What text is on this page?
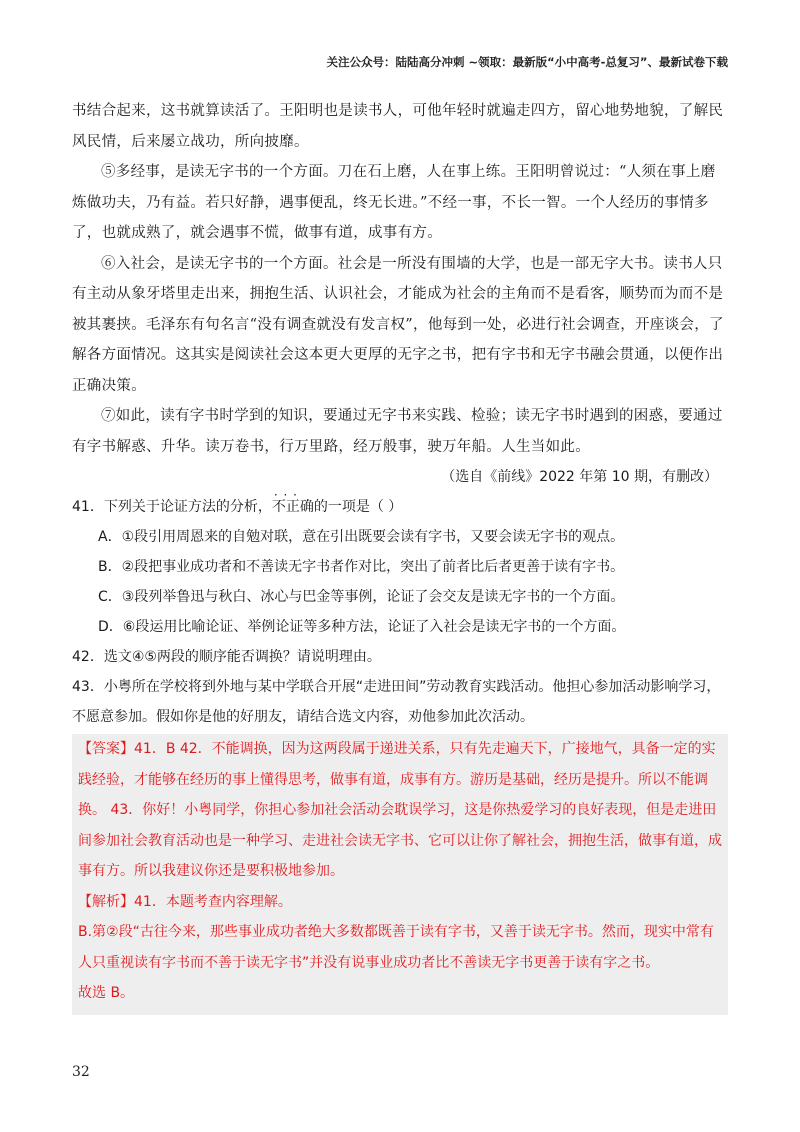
关注公众号：陆陆高分冲刺 ~领取：最新版“小中高考-总复习”、最新试卷下载

书结合起来，这书就算读活了。王阳明也是读书人，可他年轻时就遍走四方，留心地势地貌，了解民风民情，后来屡立战功，所向披靡。

⑤多经事，是读无字书的一个方面。刀在石上磨，人在事上练。王阳明曾说过：“人须在事上磨炼做功夫，乃有益。若只好静，遇事便乱，终无长进。”不经一事，不长一智。一个人经历的事情多了，也就成熟了，就会遇事不慌，做事有道，成事有方。

⑥入社会，是读无字书的一个方面。社会是一所没有围墙的大学，也是一部无字大书。读书人只有主动从象牙塔里走出来，拥抱生活、认识社会，才能成为社会的主角而不是看客，顺势而为而不是被其裹挟。毛泽东有句名言“没有调查就没有发言权”，他每到一处，必进行社会调查，开座谈会，了解各方面情况。这其实是阅读社会这本更大更厚的无字之书，把有字书和无字书融会贯通，以便作出正确决策。

⑦如此，读有字书时学到的知识，要通过无字书来实践、检验；读无字书时遇到的困惑，要通过有字书解惑、升华。读万卷书，行万里路，经万般事，驶万年船。人生当如此。

（选自《前线》2022 年第 10 期，有删改）

41．下列关于论证方法的分析，· · · 不正确的一项是（ ）

A．①段引用周恩来的自勉对联，意在引出既要会读有字书，又要会读无字书的观点。

B．②段把事业成功者和不善读无字书者作对比，突出了前者比后者更善于读有字书。

C．③段列举鲁迅与秋白、冰心与巴金等事例，论证了会交友是读无字书的一个方面。

D．⑥段运用比喻论证、举例论证等多种方法，论证了入社会是读无字书的一个方面。

42．选文④⑤两段的顺序能否调换？请说明理由。

43．小粤所在学校将到外地与某中学联合开展“走进田间”劳动教育实践活动。他担心参加活动影响学习，不愿意参加。假如你是他的好朋友，请结合选文内容，劝他参加此次活动。

【答案】41．B 42．不能调换，因为这两段属于递进关系，只有先走遍天下，广接地气，具备一定的实践经验，才能够在经历的事上懂得思考，做事有道，成事有方。游历是基础，经历是提升。所以不能调换。 43．你好！小粤同学，你担心参加社会活动会耽误学习，这是你热爱学习的良好表现，但是走进田间参加社会教育活动也是一种学习、走进社会读无字书、它可以让你了解社会，拥抱生活，做事有道，成事有方。所以我建议你还是要积极地参加。

【解析】41．本题考查内容理解。

B.第②段“古往今来，那些事业成功者绝大多数都既善于读有字书，又善于读无字书。然而，现实中常有人只重视读有字书而不善于读无字书”并没有说事业成功者比不善读无字书更善于读有字之书。

故选 B。

32
